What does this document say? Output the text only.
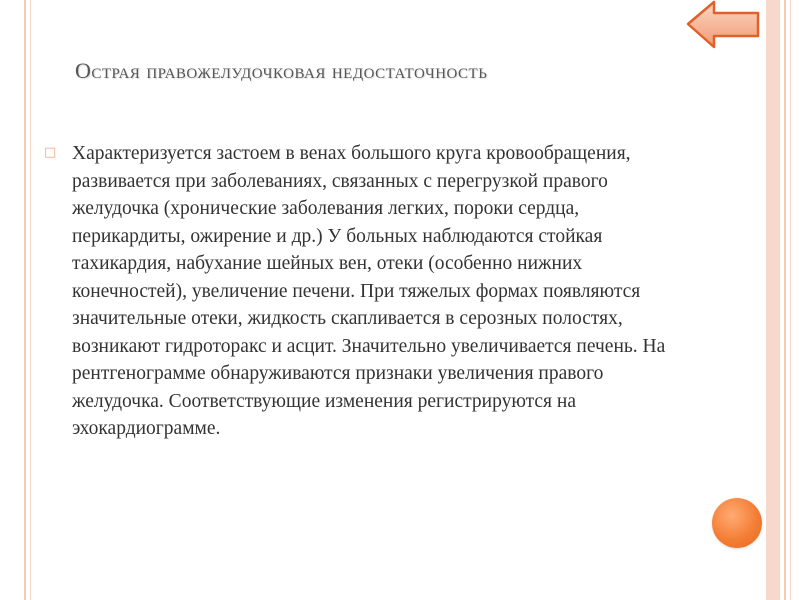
Острая правожелудочковая недостаточность
□ Характеризуется застоем в венах большого круга кровообращения, развивается при заболеваниях, связанных с перегрузкой правого желудочка (хронические заболевания легких, пороки сердца, перикардиты, ожирение и др.) У больных наблюдаются стойкая тахикардия, набухание шейных вен, отеки (особенно нижних конечностей), увеличение печени. При тяжелых формах появляются значительные отеки, жидкость скапливается в серозных полостях, возникают гидроторакс и асцит. Значительно увеличивается печень. На рентгенограмме обнаруживаются признаки увеличения правого желудочка. Соответствующие изменения регистрируются на эхокардиограмме.
